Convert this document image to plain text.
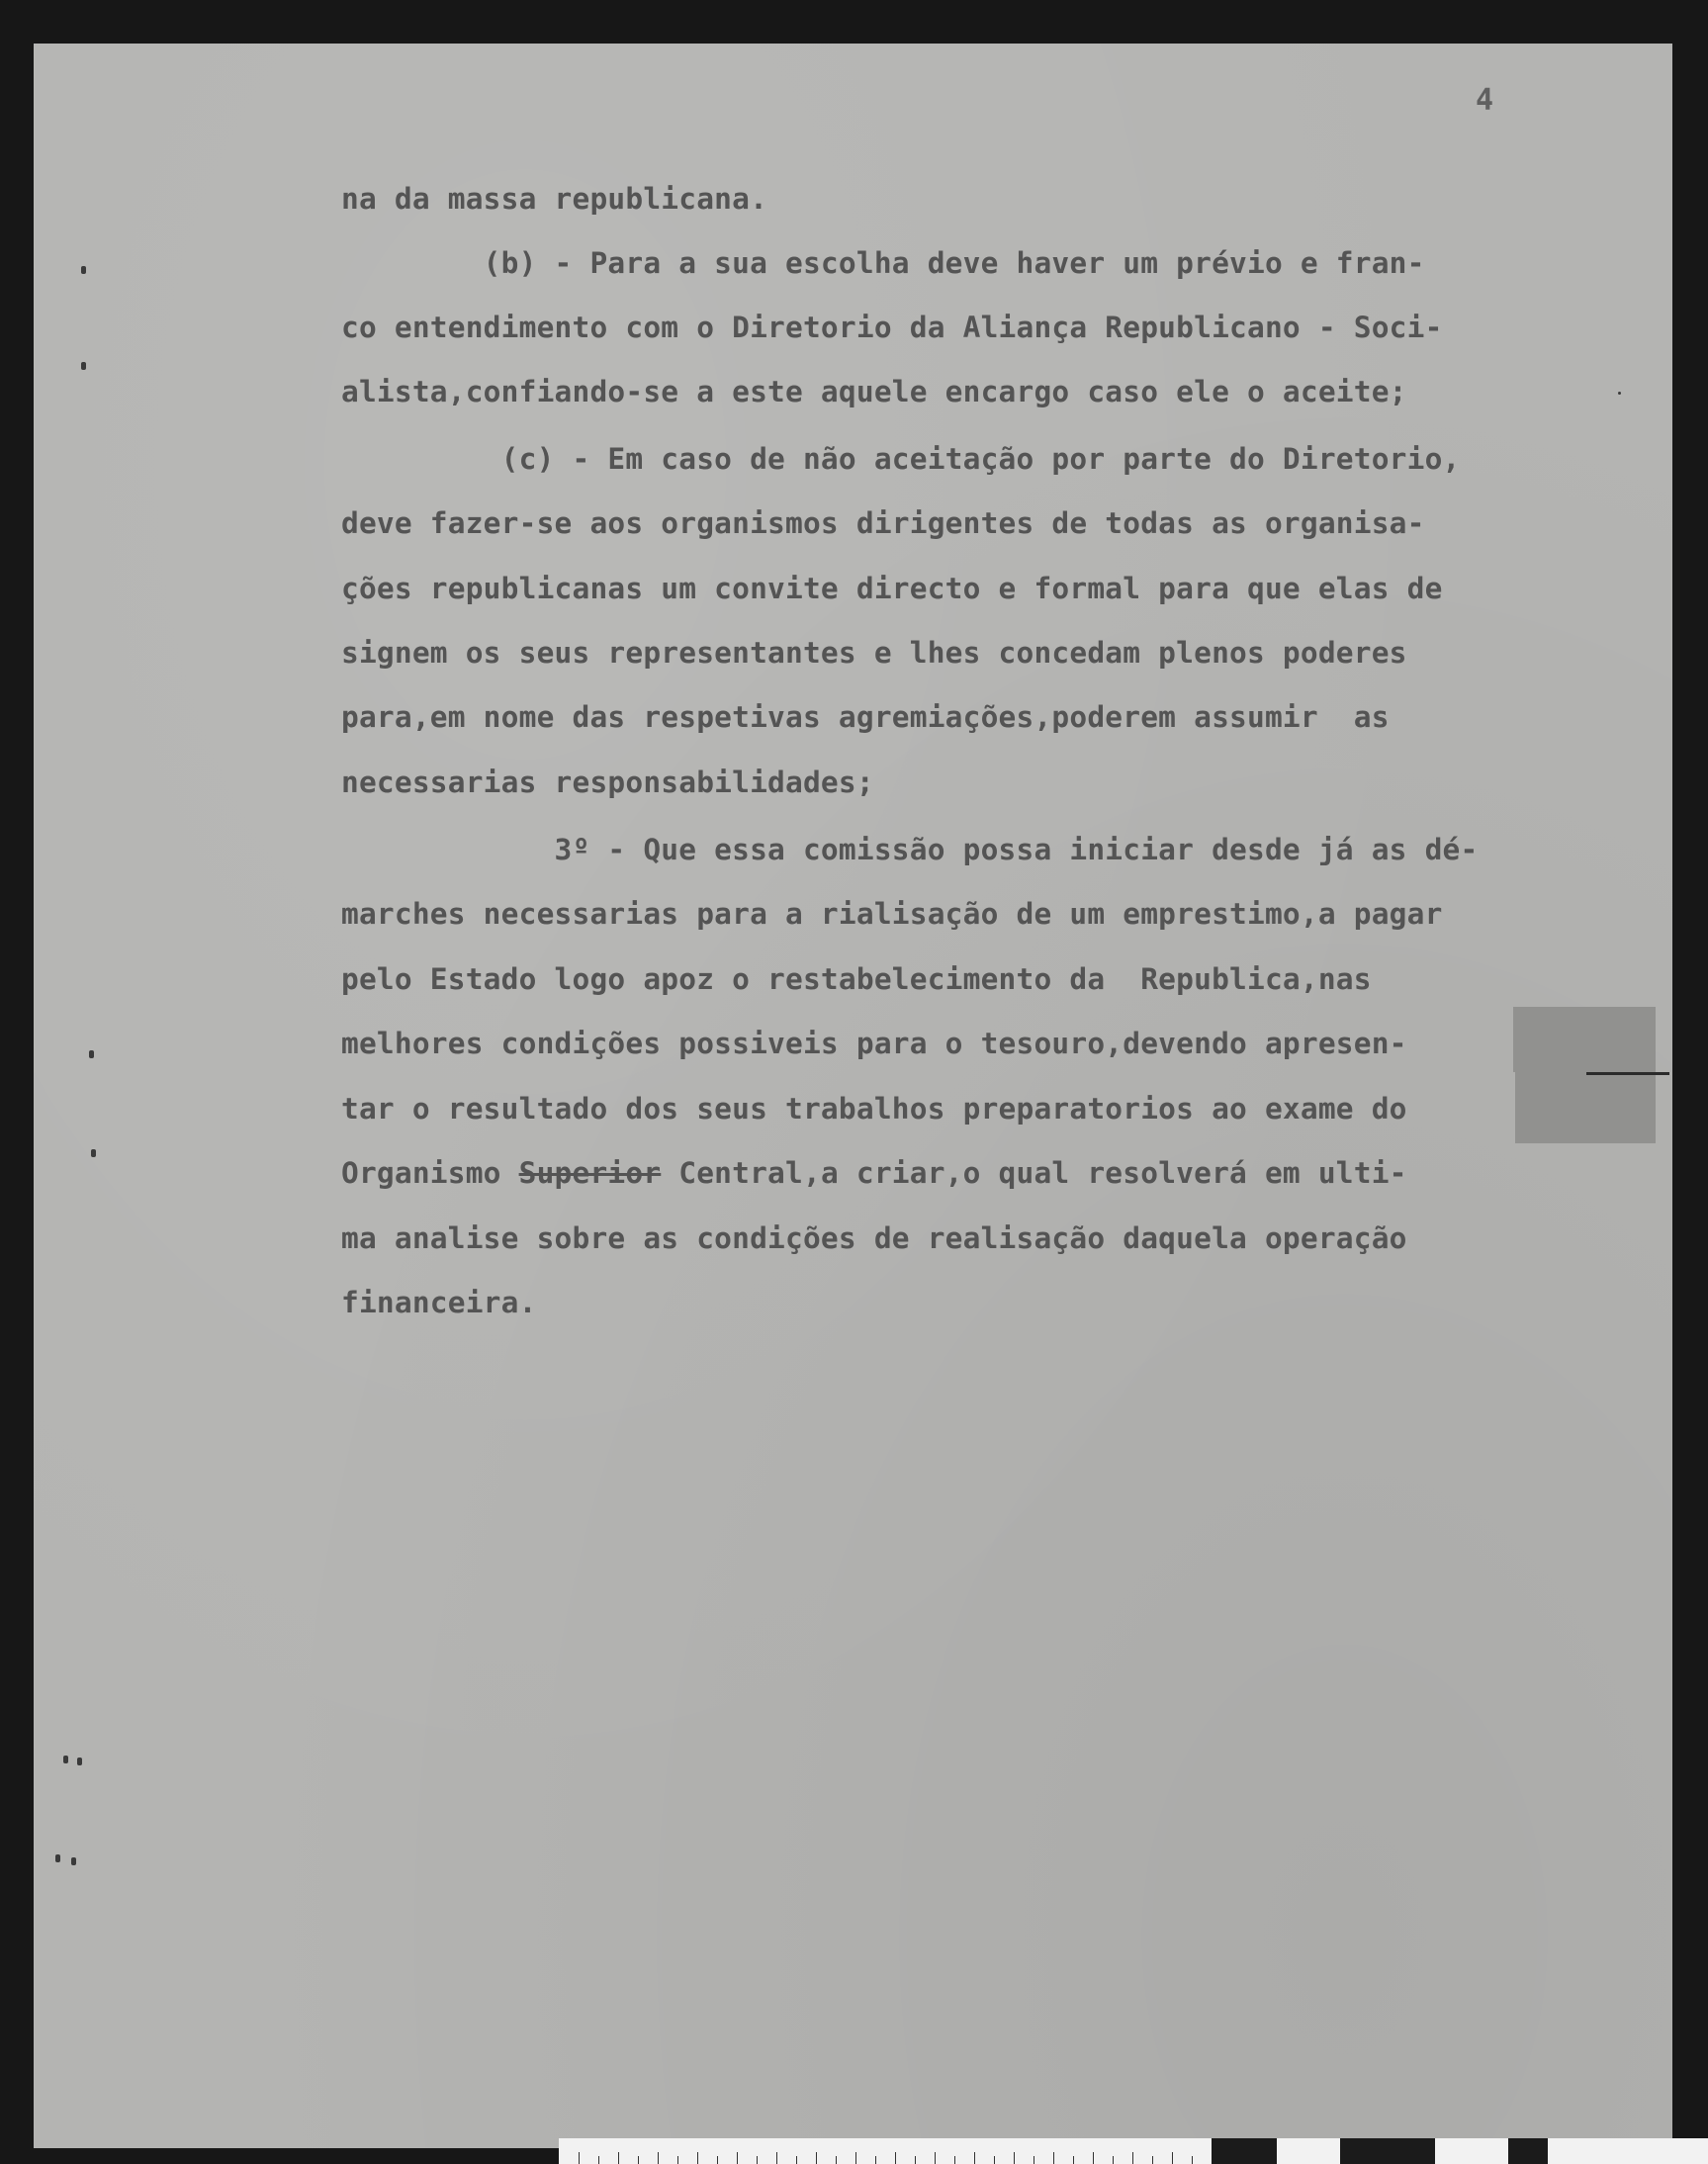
4
na da massa republicana.
(b) - Para a sua escolha deve haver um prévio e fran-
co entendimento com o Diretorio da Aliança Republicano - Soci-
alista,confiando-se a este aquele encargo caso ele o aceite;
(c) - Em caso de não aceitação por parte do Diretorio,
deve fazer-se aos organismos dirigentes de todas as organisa-
ções republicanas um convite directo e formal para que elas de
signem os seus representantes e lhes concedam plenos poderes
para,em nome das respetivas agremiações,poderem assumir  as
necessarias responsabilidades;
3º - Que essa comissão possa iniciar desde já as dé-
marches necessarias para a rialisação de um emprestimo,a pagar
pelo Estado logo apoz o restabelecimento da  Republica,nas
melhores condições possiveis para o tesouro,devendo apresen-
tar o resultado dos seus trabalhos preparatorios ao exame do
Organismo Superior Central,a criar,o qual resolverá em ulti-
ma analise sobre as condições de realisação daquela operação
financeira.
